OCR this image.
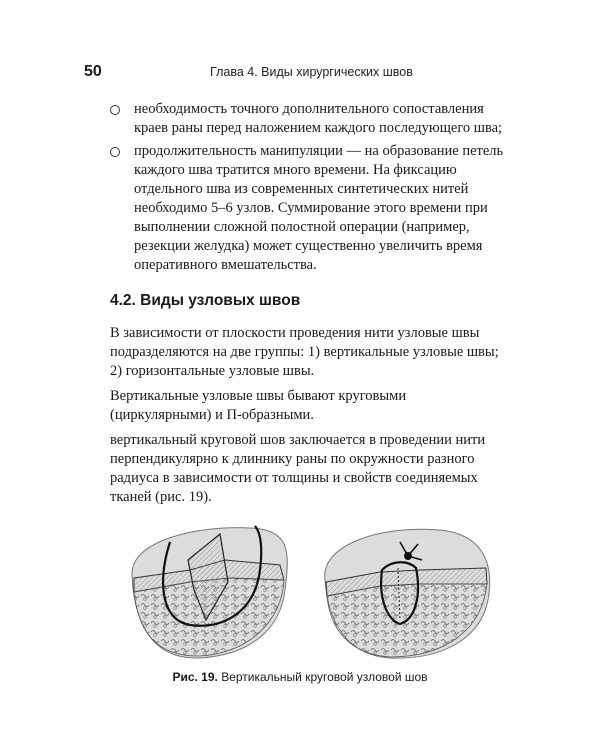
50	Глава 4. Виды хирургических швов
необходимость точного дополнительного сопоставления краев раны перед наложением каждого последующего шва;
продолжительность манипуляции — на образование петель каждого шва тратится много времени. На фиксацию отдельного шва из современных синтетических нитей необходимо 5–6 узлов. Суммирование этого времени при выполнении сложной полостной операции (например, резекции желудка) может существенно увеличить время оперативного вмешательства.
4.2. Виды узловых швов

В зависимости от плоскости проведения нити узловые швы подразделяются на две группы: 1) вертикальные узловые швы; 2) горизонтальные узловые швы.

Вертикальные узловые швы бывают круговыми (циркулярными) и П-образными.

вертикальный круговой шов заключается в проведении нити перпендикулярно к длиннику раны по окружности разного радиуса в зависимости от толщины и свойств соединяемых тканей (рис. 19).

Рис. 19. Вертикальный круговой узловой шов
